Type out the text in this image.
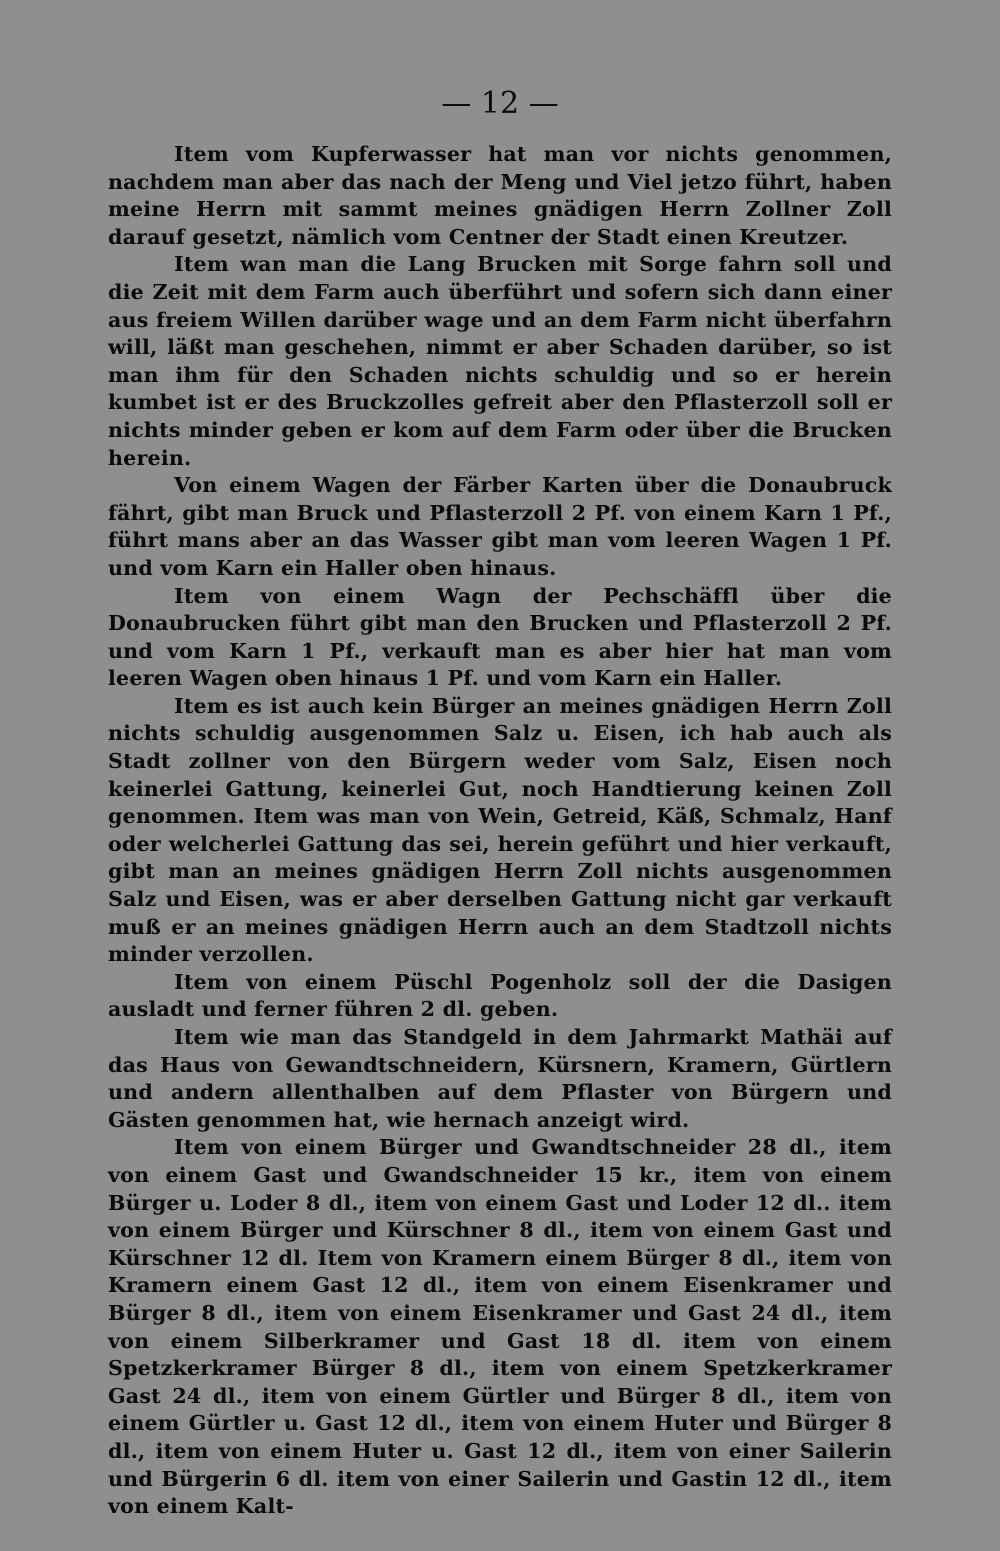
— 12 —

Item vom Kupferwasser hat man vor nichts genommen, nachdem man aber das nach der Meng und Viel jetzo führt, haben meine Herrn mit sammt meines gnädigen Herrn Zollner Zoll darauf gesetzt, nämlich vom Centner der Stadt einen Kreutzer.

Item wan man die Lang Brucken mit Sorge fahrn soll und die Zeit mit dem Farm auch überführt und sofern sich dann einer aus freiem Willen darüber wage und an dem Farm nicht überfahrn will, läßt man geschehen, nimmt er aber Schaden darüber, so ist man ihm für den Schaden nichts schuldig und so er herein kumbet ist er des Bruckzolles gefreit aber den Pflasterzoll soll er nichts minder geben er kom auf dem Farm oder über die Brucken herein.

Von einem Wagen der Färber Karten über die Donaubruck fährt, gibt man Bruck und Pflasterzoll 2 Pf. von einem Karn 1 Pf., führt mans aber an das Wasser gibt man vom leeren Wagen 1 Pf. und vom Karn ein Haller oben hinaus.

Item von einem Wagn der Pechschäffl über die Donaubrucken führt gibt man den Brucken und Pflasterzoll 2 Pf. und vom Karn 1 Pf., verkauft man es aber hier hat man vom leeren Wagen oben hinaus 1 Pf. und vom Karn ein Haller.

Item es ist auch kein Bürger an meines gnädigen Herrn Zoll nichts schuldig ausgenommen Salz u. Eisen, ich hab auch als Stadt zollner von den Bürgern weder vom Salz, Eisen noch keinerlei Gattung, keinerlei Gut, noch Handtierung keinen Zoll genommen. Item was man von Wein, Getreid, Käß, Schmalz, Hanf oder welcherlei Gattung das sei, herein geführt und hier verkauft, gibt man an meines gnädigen Herrn Zoll nichts ausgenommen Salz und Eisen, was er aber derselben Gattung nicht gar verkauft muß er an meines gnädigen Herrn auch an dem Stadtzoll nichts minder verzollen.

Item von einem Püschl Pogenholz soll der die Dasigen ausladt und ferner führen 2 dl. geben.

Item wie man das Standgeld in dem Jahrmarkt Mathäi auf das Haus von Gewandtschneidern, Kürsnern, Kramern, Gürtlern und andern allenthalben auf dem Pflaster von Bürgern und Gästen genommen hat, wie hernach anzeigt wird.

Item von einem Bürger und Gwandtschneider 28 dl., item von einem Gast und Gwandschneider 15 kr., item von einem Bürger u. Loder 8 dl., item von einem Gast und Loder 12 dl.. item von einem Bürger und Kürschner 8 dl., item von einem Gast und Kürschner 12 dl. Item von Kramern einem Bürger 8 dl., item von Kramern einem Gast 12 dl., item von einem Eisenkramer und Bürger 8 dl., item von einem Eisenkramer und Gast 24 dl., item von einem Silberkramer und Gast 18 dl. item von einem Spetzkerkramer Bürger 8 dl., item von einem Spetzkerkramer Gast 24 dl., item von einem Gürtler und Bürger 8 dl., item von einem Gürtler u. Gast 12 dl., item von einem Huter und Bürger 8 dl., item von einem Huter u. Gast 12 dl., item von einer Sailerin und Bürgerin 6 dl. item von einer Sailerin und Gastin 12 dl., item von einem Kalt-
